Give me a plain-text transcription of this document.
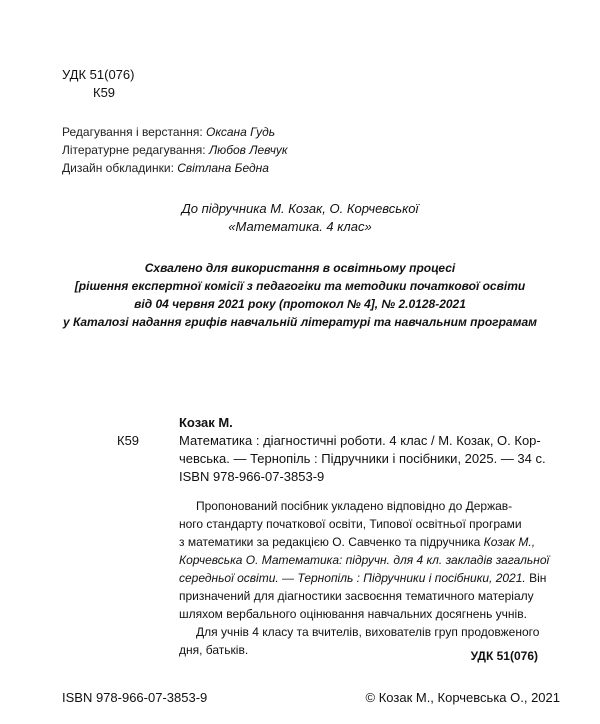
УДК 51(076)
К59
Редагування і верстання: Оксана Гудь
Літературне редагування: Любов Левчук
Дизайн обкладинки: Світлана Бедна
До підручника М. Козак, О. Корчевської
«Математика. 4 клас»
Схвалено для використання в освітньому процесі
[рішення експертної комісії з педагогіки та методики початкової освіти
від 04 червня 2021 року (протокол № 4], № 2.0128-2021
у Каталозі надання грифів навчальній літературі та навчальним програмам
Козак М.
К59	Математика : діагностичні роботи. 4 клас / М. Козак, О. Кор-
чевська. — Тернопіль : Підручники і посібники, 2025. — 34 с.
ISBN 978-966-07-3853-9
Пропонований посібник укладено відповідно до Держав-
ного стандарту початкової освіти, Типової освітньої програми
з математики за редакцією О. Савченко та підручника Козак М.,
Корчевська О. Математика: підручн. для 4 кл. закладів загальної
середньої освіти. — Тернопіль : Підручники і посібники, 2021. Він
призначений для діагностики засвоєння тематичного матеріалу
шляхом вербального оцінювання навчальних досягнень учнів.
Для учнів 4 класу та вчителів, вихователів груп продовженого
дня, батьків.	УДК 51(076)
ISBN 978-966-07-3853-9	© Козак М., Корчевська О., 2021
